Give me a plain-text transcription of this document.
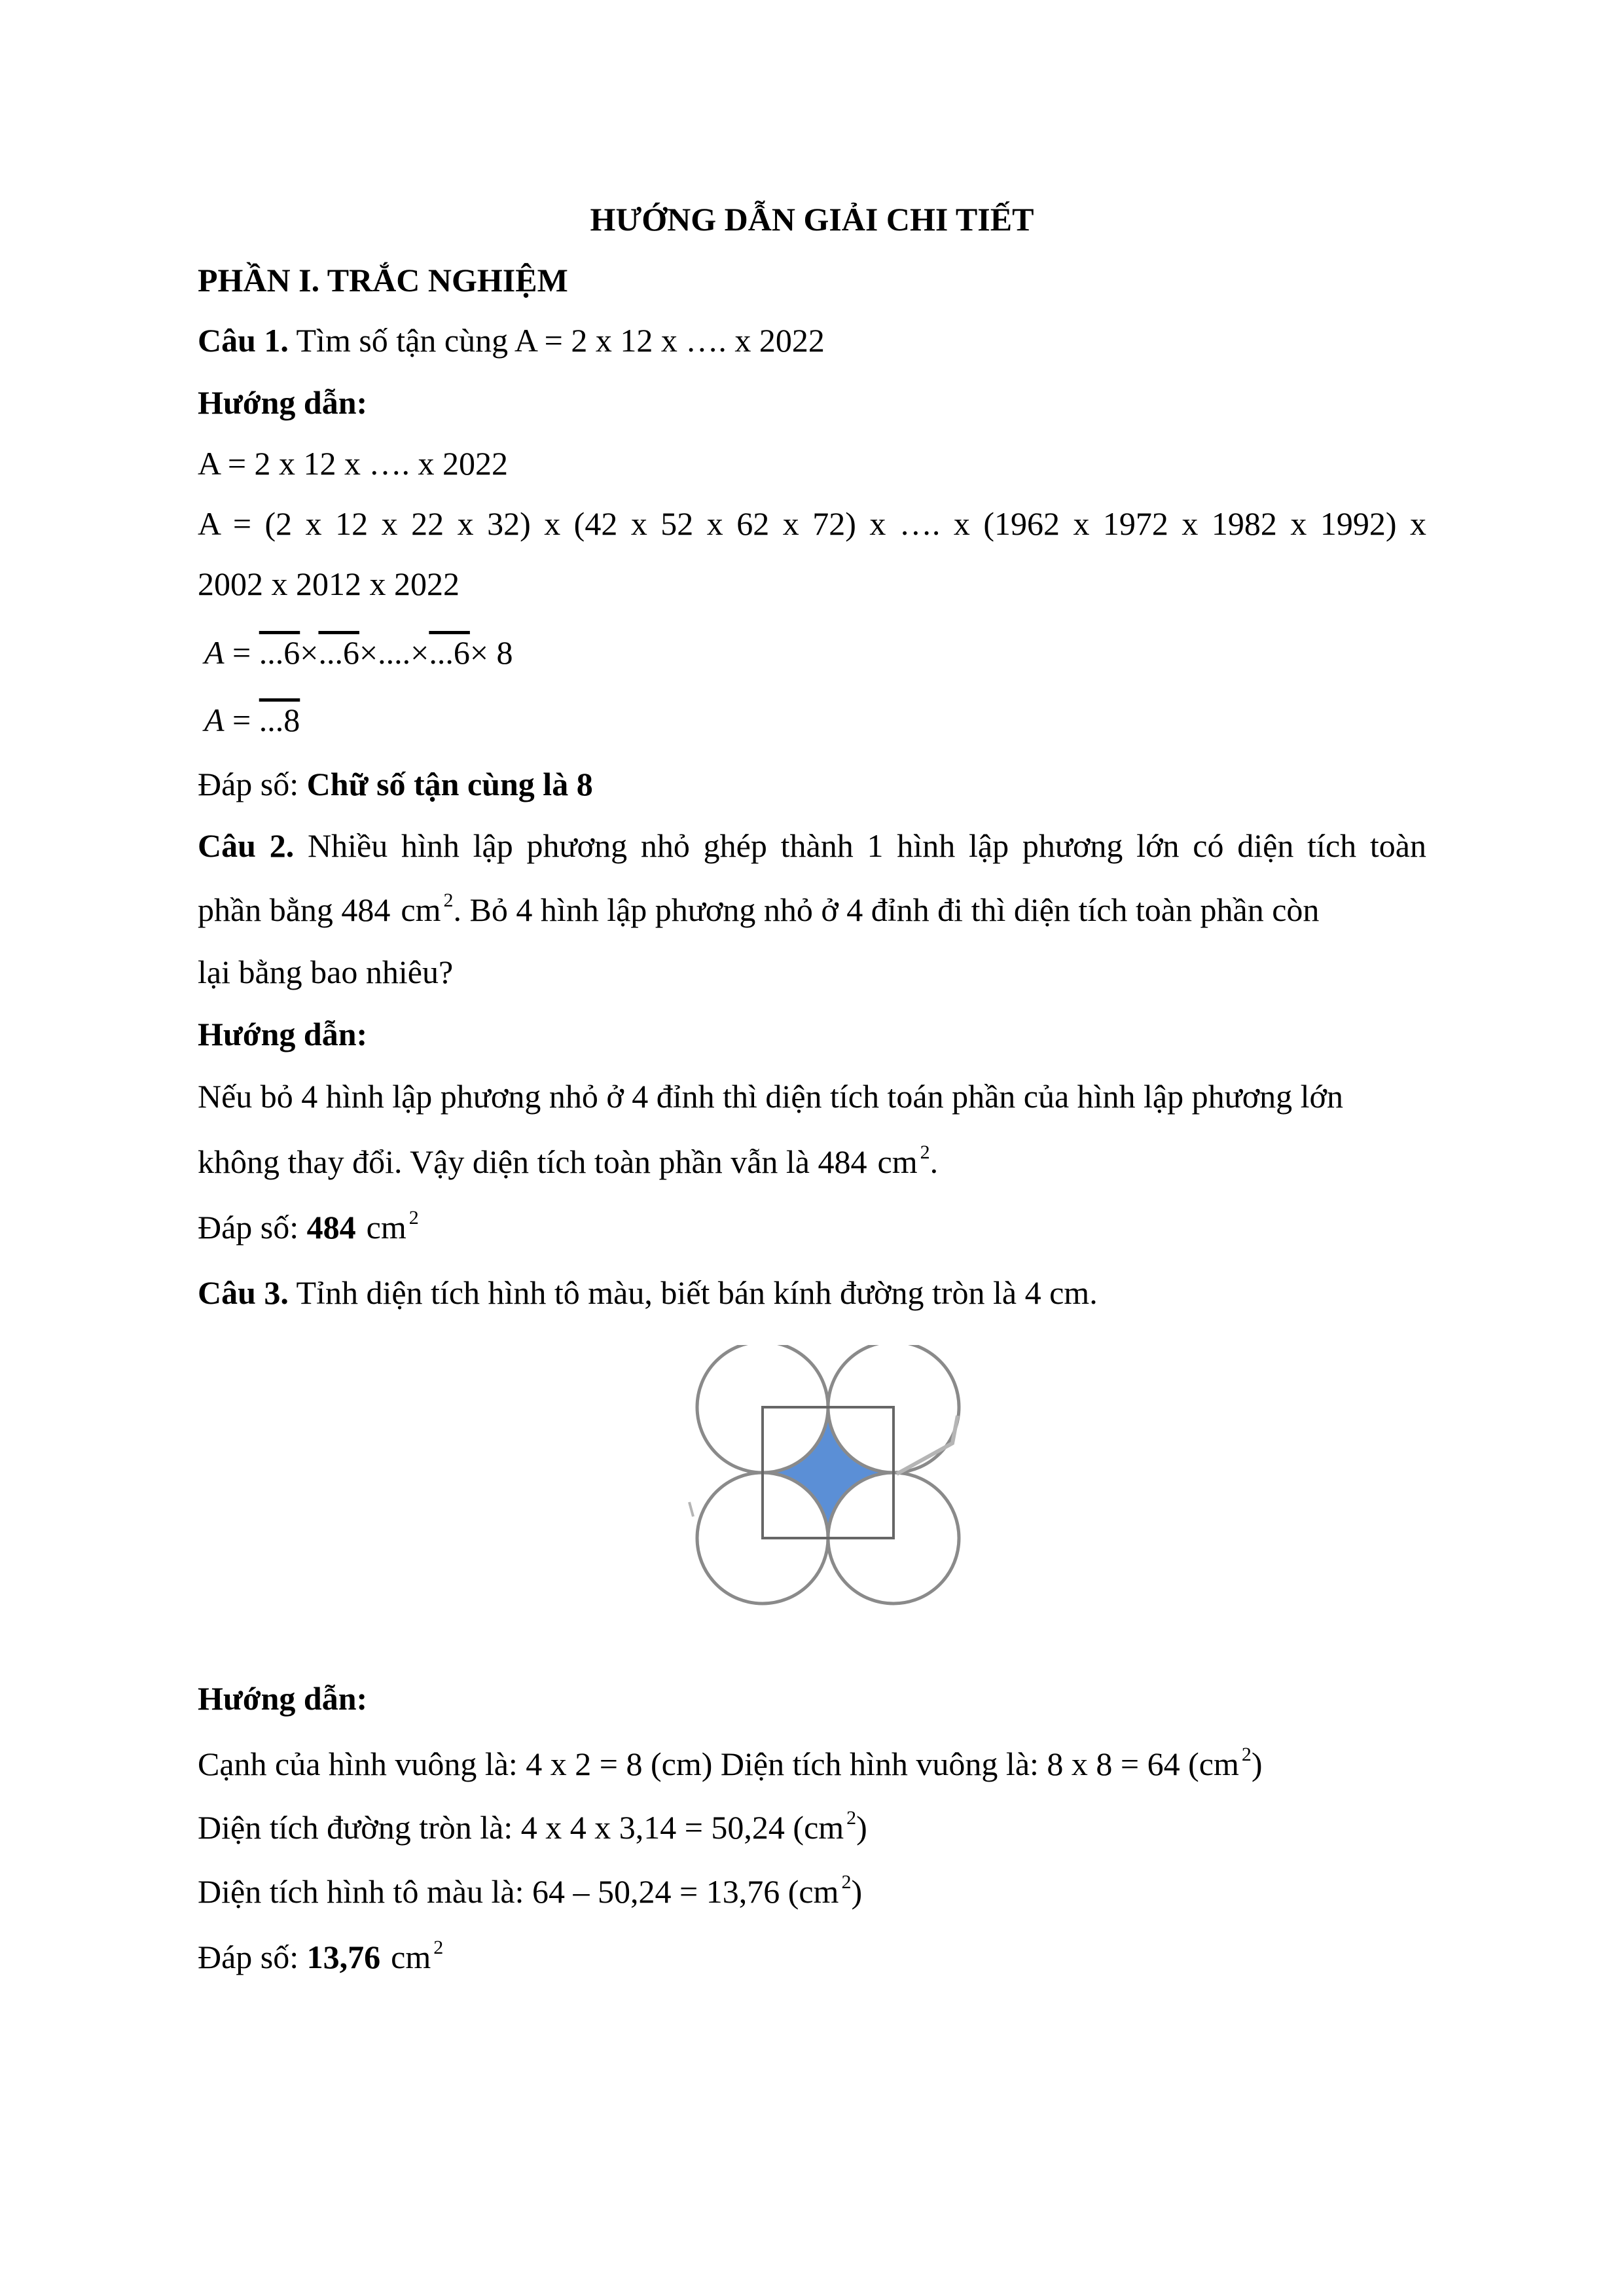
HƯỚNG DẪN GIẢI CHI TIẾT
PHẦN I. TRẮC NGHIỆM
Câu 1. Tìm số tận cùng A = 2 x 12 x …. x 2022
Hướng dẫn:
A = 2 x 12 x …. x 2022
A = (2 x 12 x 22 x 32) x (42 x 52 x 62 x 72) x …. x (1962 x 1972 x 1982 x 1992) x
2002 x 2012 x 2022
A = ...6×...6×....×...6× 8
A = ...8
Đáp số: Chữ số tận cùng là 8
Câu 2. Nhiều hình lập phương nhỏ ghép thành 1 hình lập phương lớn có diện tích toàn
phần bằng 484 cm $^2$. Bỏ 4 hình lập phương nhỏ ở 4 đỉnh đi thì diện tích toàn phần còn
lại bằng bao nhiêu?
Hướng dẫn:
Nếu bỏ 4 hình lập phương nhỏ ở 4 đỉnh thì diện tích toán phần của hình lập phương lớn
không thay đổi. Vậy diện tích toàn phần vẫn là 484 cm $^2$.
Đáp số: 484 cm $^2$
Câu 3. Tỉnh diện tích hình tô màu, biết bán kính đường tròn là 4 cm.
Hướng dẫn:
Cạnh của hình vuông là: 4 x 2 = 8 (cm) Diện tích hình vuông là: 8 x 8 = 64 (cm $^2$)
Diện tích đường tròn là: 4 x 4 x 3,14 = 50,24 (cm $^2$)
Diện tích hình tô màu là: 64 – 50,24 = 13,76 (cm $^2$)
Đáp số: 13,76 cm $^2$
